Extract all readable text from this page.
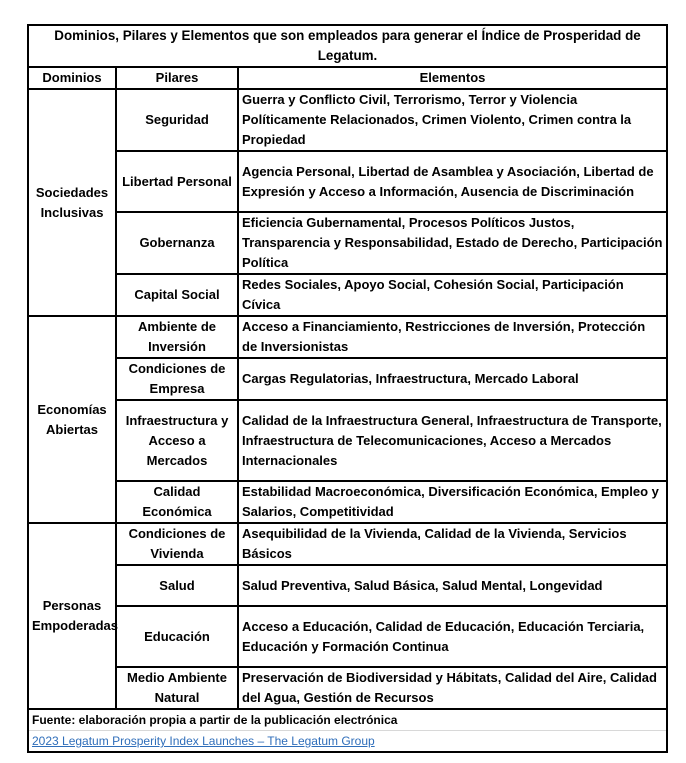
Dominios, Pilares y Elementos que son empleados para generar el Índice de Prosperidad de Legatum.		
Dominios	Pilares	Elementos
Sociedades Inclusivas	Seguridad	Guerra y Conflicto Civil, Terrorismo, Terror y Violencia Políticamente Relacionados, Crimen Violento, Crimen contra la Propiedad
	Libertad Personal	Agencia Personal, Libertad de Asamblea y Asociación, Libertad de Expresión y Acceso a Información, Ausencia de Discriminación
	Gobernanza	Eficiencia Gubernamental, Procesos Políticos Justos, Transparencia y Responsabilidad, Estado de Derecho, Participación Política
	Capital Social	Redes Sociales, Apoyo Social, Cohesión Social, Participación Cívica
Economías Abiertas	Ambiente de Inversión	Acceso a Financiamiento, Restricciones de Inversión, Protección de Inversionistas
	Condiciones de Empresa	Cargas Regulatorias, Infraestructura, Mercado Laboral
	Infraestructura y Acceso a Mercados	Calidad de la Infraestructura General, Infraestructura de Transporte, Infraestructura de Telecomunicaciones, Acceso a Mercados Internacionales
	Calidad Económica	Estabilidad Macroeconómica, Diversificación Económica, Empleo y Salarios, Competitividad
Personas Empoderadas	Condiciones de Vivienda	Asequibilidad de la Vivienda, Calidad de la Vivienda, Servicios Básicos
	Salud	Salud Preventiva, Salud Básica, Salud Mental, Longevidad
	Educación	Acceso a Educación, Calidad de Educación, Educación Terciaria, Educación y Formación Continua
	Medio Ambiente Natural	Preservación de Biodiversidad y Hábitats, Calidad del Aire, Calidad del Agua, Gestión de Recursos
Fuente: elaboración propia a partir de la publicación electrónica		
2023 Legatum Prosperity Index Launches – The Legatum Group		
